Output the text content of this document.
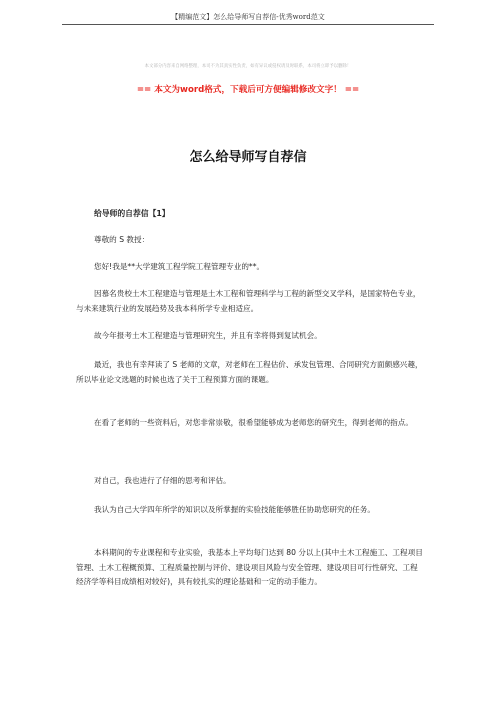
【精编范文】怎么给导师写自荐信-优秀word范文
本文部分内容来自网络整理，本司不为其真实性负责，如有异议或侵权请及时联系，本司将立即予以删除！
== 本文为word格式，下载后可方便编辑修改文字！ ==
怎么给导师写自荐信
给导师的自荐信【1】
尊敬的 S 教授：
您好!我是**大学建筑工程学院工程管理专业的**。
因慕名贵校土木工程建造与管理是土木工程和管理科学与工程的新型交叉学科，是国家特色专业，与未来建筑行业的发展趋势及我本科所学专业相适应。
故今年报考土木工程建造与管理研究生，并且有幸将得到复试机会。
最近，我也有幸拜读了 S 老师的文章，对老师在工程估价、承发包管理、合同研究方面颇感兴趣，所以毕业论文选题的时候也选了关于工程预算方面的课题。
在看了老师的一些资料后，对您非常崇敬，很希望能够成为老师您的研究生，得到老师的指点。
对自己，我也进行了仔细的思考和评估。
我认为自己大学四年所学的知识以及所掌握的实验技能能够胜任协助您研究的任务。
本科期间的专业课程和专业实验，我基本上平均每门达到 80 分以上(其中土木工程施工、工程项目管理、土木工程概预算、工程质量控制与评价、建设项目风险与安全管理、建设项目可行性研究、工程经济学等科目成绩相对较好)，具有较扎实的理论基础和一定的动手能力。
